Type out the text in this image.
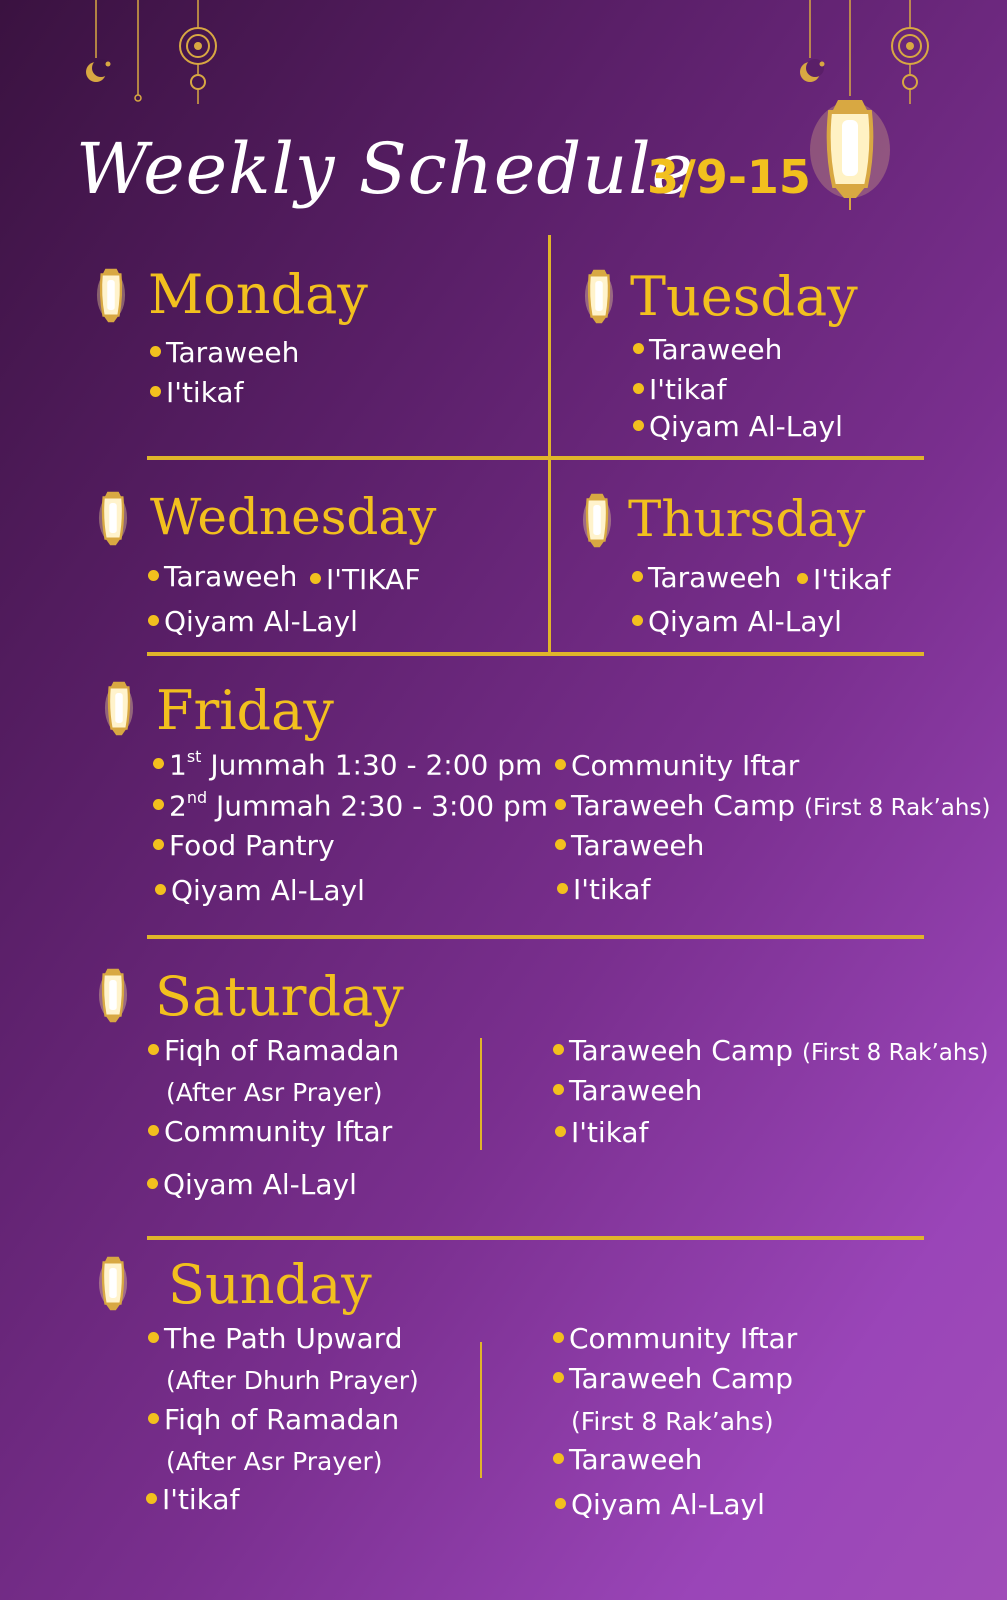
Weekly Schedule
3/9-15
Monday
Taraweeh
I'tikaf
Tuesday
Taraweeh
I'tikaf
Qiyam Al-Layl
Wednesday
Taraweeh	I'TIKAF
Qiyam Al-Layl
Thursday
Taraweeh	I'tikaf
Qiyam Al-Layl
Friday
1st Jummah 1:30 - 2:00 pm
2nd Jummah 2:30 - 3:00 pm
Food Pantry
Qiyam Al-Layl
Community Iftar
Taraweeh Camp (First 8 Rak’ahs)
Taraweeh
I'tikaf
Saturday
Fiqh of Ramadan
(After Asr Prayer)
Community Iftar
Qiyam Al-Layl
Taraweeh Camp (First 8 Rak’ahs)
Taraweeh
I'tikaf
Sunday
The Path Upward
(After Dhurh Prayer)
Fiqh of Ramadan
(After Asr Prayer)
I'tikaf
Community Iftar
Taraweeh Camp
(First 8 Rak’ahs)
Taraweeh
Qiyam Al-Layl
